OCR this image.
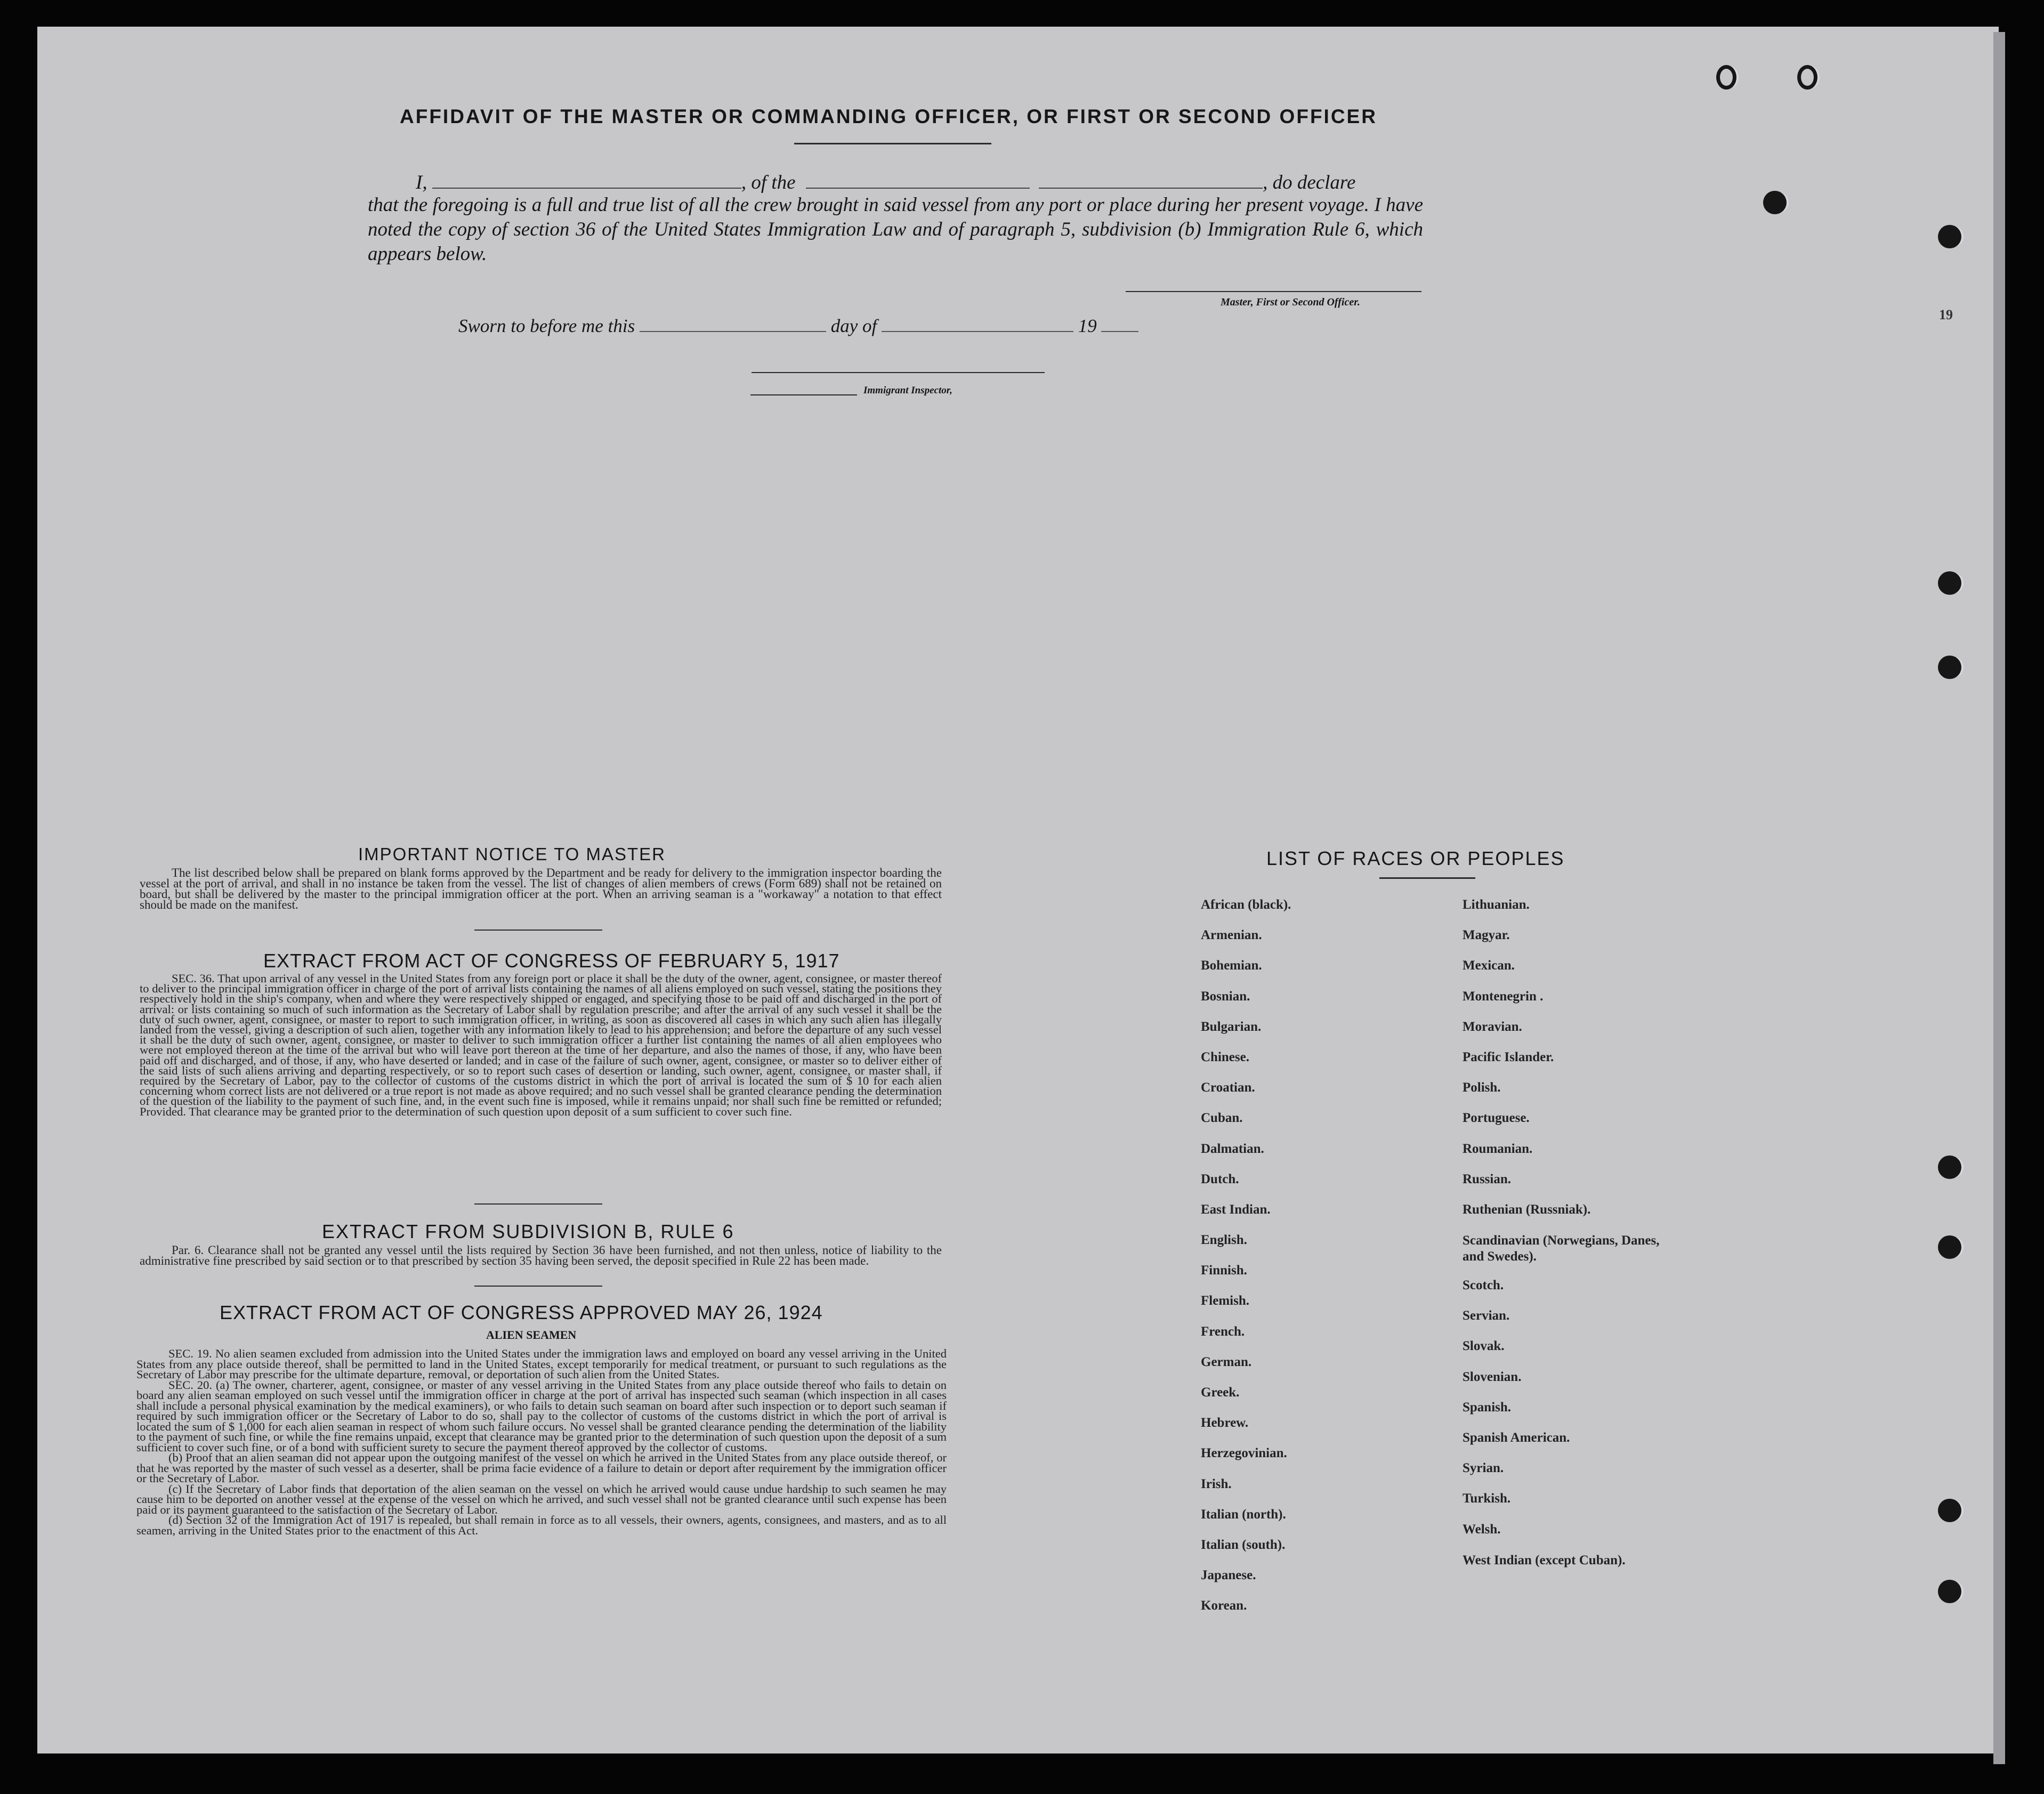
19
AFFIDAVIT OF THE MASTER OR COMMANDING OFFICER, OR FIRST OR SECOND OFFICER
I,	, of the	, do declare
that the foregoing is a full and true list of all the crew brought in said vessel from any port or place during her present voyage. I have noted the copy of section 36 of the United States Immigration Law and of paragraph 5, subdivision (b) Immigration Rule 6, which appears below.
Master, First or Second Officer.
Sworn to before me this	day of	19
Immigrant Inspector,
IMPORTANT NOTICE TO MASTER

The list described below shall be prepared on blank forms approved by the Department and be ready for delivery to the immigration inspector boarding the vessel at the port of arrival, and shall in no instance be taken from the vessel. The list of changes of alien members of crews (Form 689) shall not be retained on board, but shall be delivered by the master to the principal immigration officer at the port. When an arriving seaman is a "workaway" a notation to that effect should be made on the manifest.

EXTRACT FROM ACT OF CONGRESS OF FEBRUARY 5, 1917

SEC. 36. That upon arrival of any vessel in the United States from any foreign port or place it shall be the duty of the owner, agent, consignee, or master thereof to deliver to the principal immigration officer in charge of the port of arrival lists containing the names of all aliens employed on such vessel, stating the positions they respectively hold in the ship's company, when and where they were respectively shipped or engaged, and specifying those to be paid off and discharged in the port of arrival: or lists containing so much of such information as the Secretary of Labor shall by regulation prescribe; and after the arrival of any such vessel it shall be the duty of such owner, agent, consignee, or master to report to such immigration officer, in writing, as soon as discovered all cases in which any such alien has illegally landed from the vessel, giving a description of such alien, together with any information likely to lead to his apprehension; and before the departure of any such vessel it shall be the duty of such owner, agent, consignee, or master to deliver to such immigration officer a further list containing the names of all alien employees who were not employed thereon at the time of the arrival but who will leave port thereon at the time of her departure, and also the names of those, if any, who have been paid off and discharged, and of those, if any, who have deserted or landed; and in case of the failure of such owner, agent, consignee, or master so to deliver either of the said lists of such aliens arriving and departing respectively, or so to report such cases of desertion or landing, such owner, agent, consignee, or master shall, if required by the Secretary of Labor, pay to the collector of customs of the customs district in which the port of arrival is located the sum of $ 10 for each alien concerning whom correct lists are not delivered or a true report is not made as above required; and no such vessel shall be granted clearance pending the determination of the question of the liability to the payment of such fine, and, in the event such fine is imposed, while it remains unpaid; nor shall such fine be remitted or refunded; Provided. That clearance may be granted prior to the determination of such question upon deposit of a sum sufficient to cover such fine.

EXTRACT FROM SUBDIVISION B, RULE 6

Par. 6. Clearance shall not be granted any vessel until the lists required by Section 36 have been furnished, and not then unless, notice of liability to the administrative fine prescribed by said section or to that prescribed by section 35 having been served, the deposit specified in Rule 22 has been made.

EXTRACT FROM ACT OF CONGRESS APPROVED MAY 26, 1924
ALIEN SEAMEN

SEC. 19. No alien seamen excluded from admission into the United States under the immigration laws and employed on board any vessel arriving in the United States from any place outside thereof, shall be permitted to land in the United States, except temporarily for medical treatment, or pursuant to such regulations as the Secretary of Labor may prescribe for the ultimate departure, removal, or deportation of such alien from the United States.

SEC. 20. (a) The owner, charterer, agent, consignee, or master of any vessel arriving in the United States from any place outside thereof who fails to detain on board any alien seaman employed on such vessel until the immigration officer in charge at the port of arrival has inspected such seaman (which inspection in all cases shall include a personal physical examination by the medical examiners), or who fails to detain such seaman on board after such inspection or to deport such seaman if required by such immigration officer or the Secretary of Labor to do so, shall pay to the collector of customs of the customs district in which the port of arrival is located the sum of $ 1,000 for each alien seaman in respect of whom such failure occurs. No vessel shall be granted clearance pending the determination of the liability to the payment of such fine, or while the fine remains unpaid, except that clearance may be granted prior to the determination of such question upon the deposit of a sum sufficient to cover such fine, or of a bond with sufficient surety to secure the payment thereof approved by the collector of customs.

(b) Proof that an alien seaman did not appear upon the outgoing manifest of the vessel on which he arrived in the United States from any place outside thereof, or that he was reported by the master of such vessel as a deserter, shall be prima facie evidence of a failure to detain or deport after requirement by the immigration officer or the Secretary of Labor.

(c) If the Secretary of Labor finds that deportation of the alien seaman on the vessel on which he arrived would cause undue hardship to such seamen he may cause him to be deported on another vessel at the expense of the vessel on which he arrived, and such vessel shall not be granted clearance until such expense has been paid or its payment guaranteed to the satisfaction of the Secretary of Labor.

(d) Section 32 of the Immigration Act of 1917 is repealed, but shall remain in force as to all vessels, their owners, agents, consignees, and masters, and as to all seamen, arriving in the United States prior to the enactment of this Act.

LIST OF RACES OR PEOPLES
African (black).
Armenian.
Bohemian.
Bosnian.
Bulgarian.
Chinese.
Croatian.
Cuban.
Dalmatian.
Dutch.
East Indian.
English.
Finnish.
Flemish.
French.
German.
Greek.
Hebrew.
Herzegovinian.
Irish.
Italian (north).
Italian (south).
Japanese.
Korean.
Lithuanian.
Magyar.
Mexican.
Montenegrin .
Moravian.
Pacific Islander.
Polish.
Portuguese.
Roumanian.
Russian.
Ruthenian (Russniak).
Scandinavian (Norwegians, Danes, and Swedes).
Scotch.
Servian.
Slovak.
Slovenian.
Spanish.
Spanish American.
Syrian.
Turkish.
Welsh.
West Indian (except Cuban).
